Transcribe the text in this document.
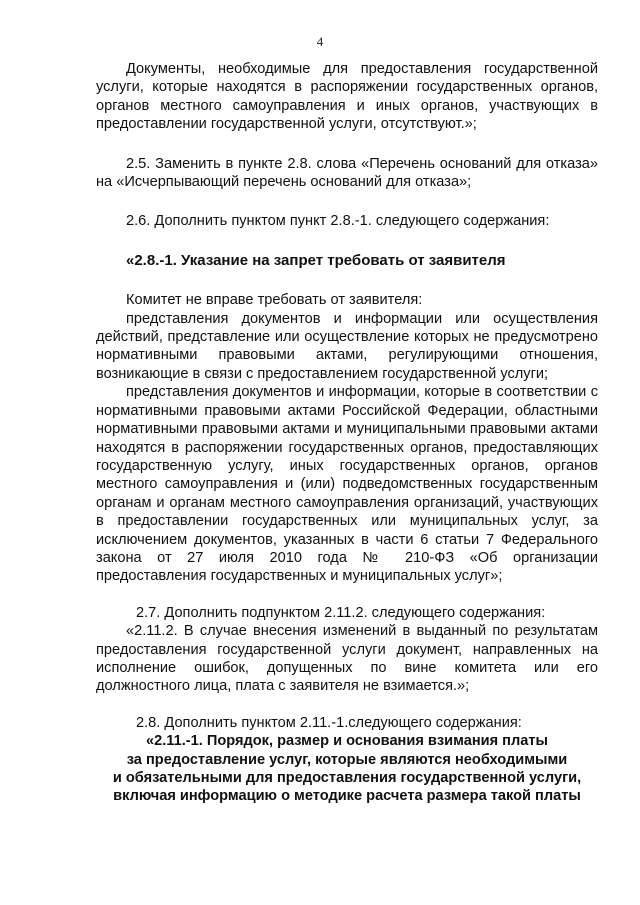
4

Документы, необходимые для предоставления государственной услуги, которые находятся в распоряжении государственных органов, органов местного самоуправления и иных органов, участвующих в предоставлении государственной услуги, отсутствуют.»;

2.5. Заменить в пункте 2.8. слова «Перечень оснований для отказа» на «Исчерпывающий перечень оснований для отказа»;

2.6. Дополнить пунктом пункт 2.8.-1. следующего содержания:

«2.8.-1. Указание на запрет требовать от заявителя

Комитет не вправе требовать от заявителя:

представления документов и информации или осуществления действий, представление или осуществление которых не предусмотрено нормативными правовыми актами, регулирующими отношения, возникающие в связи с предоставлением государственной услуги;

представления документов и информации, которые в соответствии с нормативными правовыми актами Российской Федерации, областными нормативными правовыми актами и муниципальными правовыми актами находятся в распоряжении государственных органов, предоставляющих государственную услугу, иных государственных органов, органов местного самоуправления и (или) подведомственных государственным органам и органам местного самоуправления организаций, участвующих в предоставлении государственных или муниципальных услуг, за исключением документов, указанных в части 6 статьи 7 Федерального закона от 27 июля 2010 года № 210-ФЗ «Об организации предоставления государственных и муниципальных услуг»;

2.7. Дополнить подпунктом 2.11.2. следующего содержания:

«2.11.2. В случае внесения изменений в выданный по результатам предоставления государственной услуги документ, направленных на исполнение ошибок, допущенных по вине комитета или его должностного лица, плата с заявителя не взимается.»;

2.8. Дополнить пунктом 2.11.-1.следующего содержания:

«2.11.-1. Порядок, размер и основания взимания платы

за предоставление услуг, которые являются необходимыми

и обязательными для предоставления государственной услуги,

включая информацию о методике расчета размера такой платы
